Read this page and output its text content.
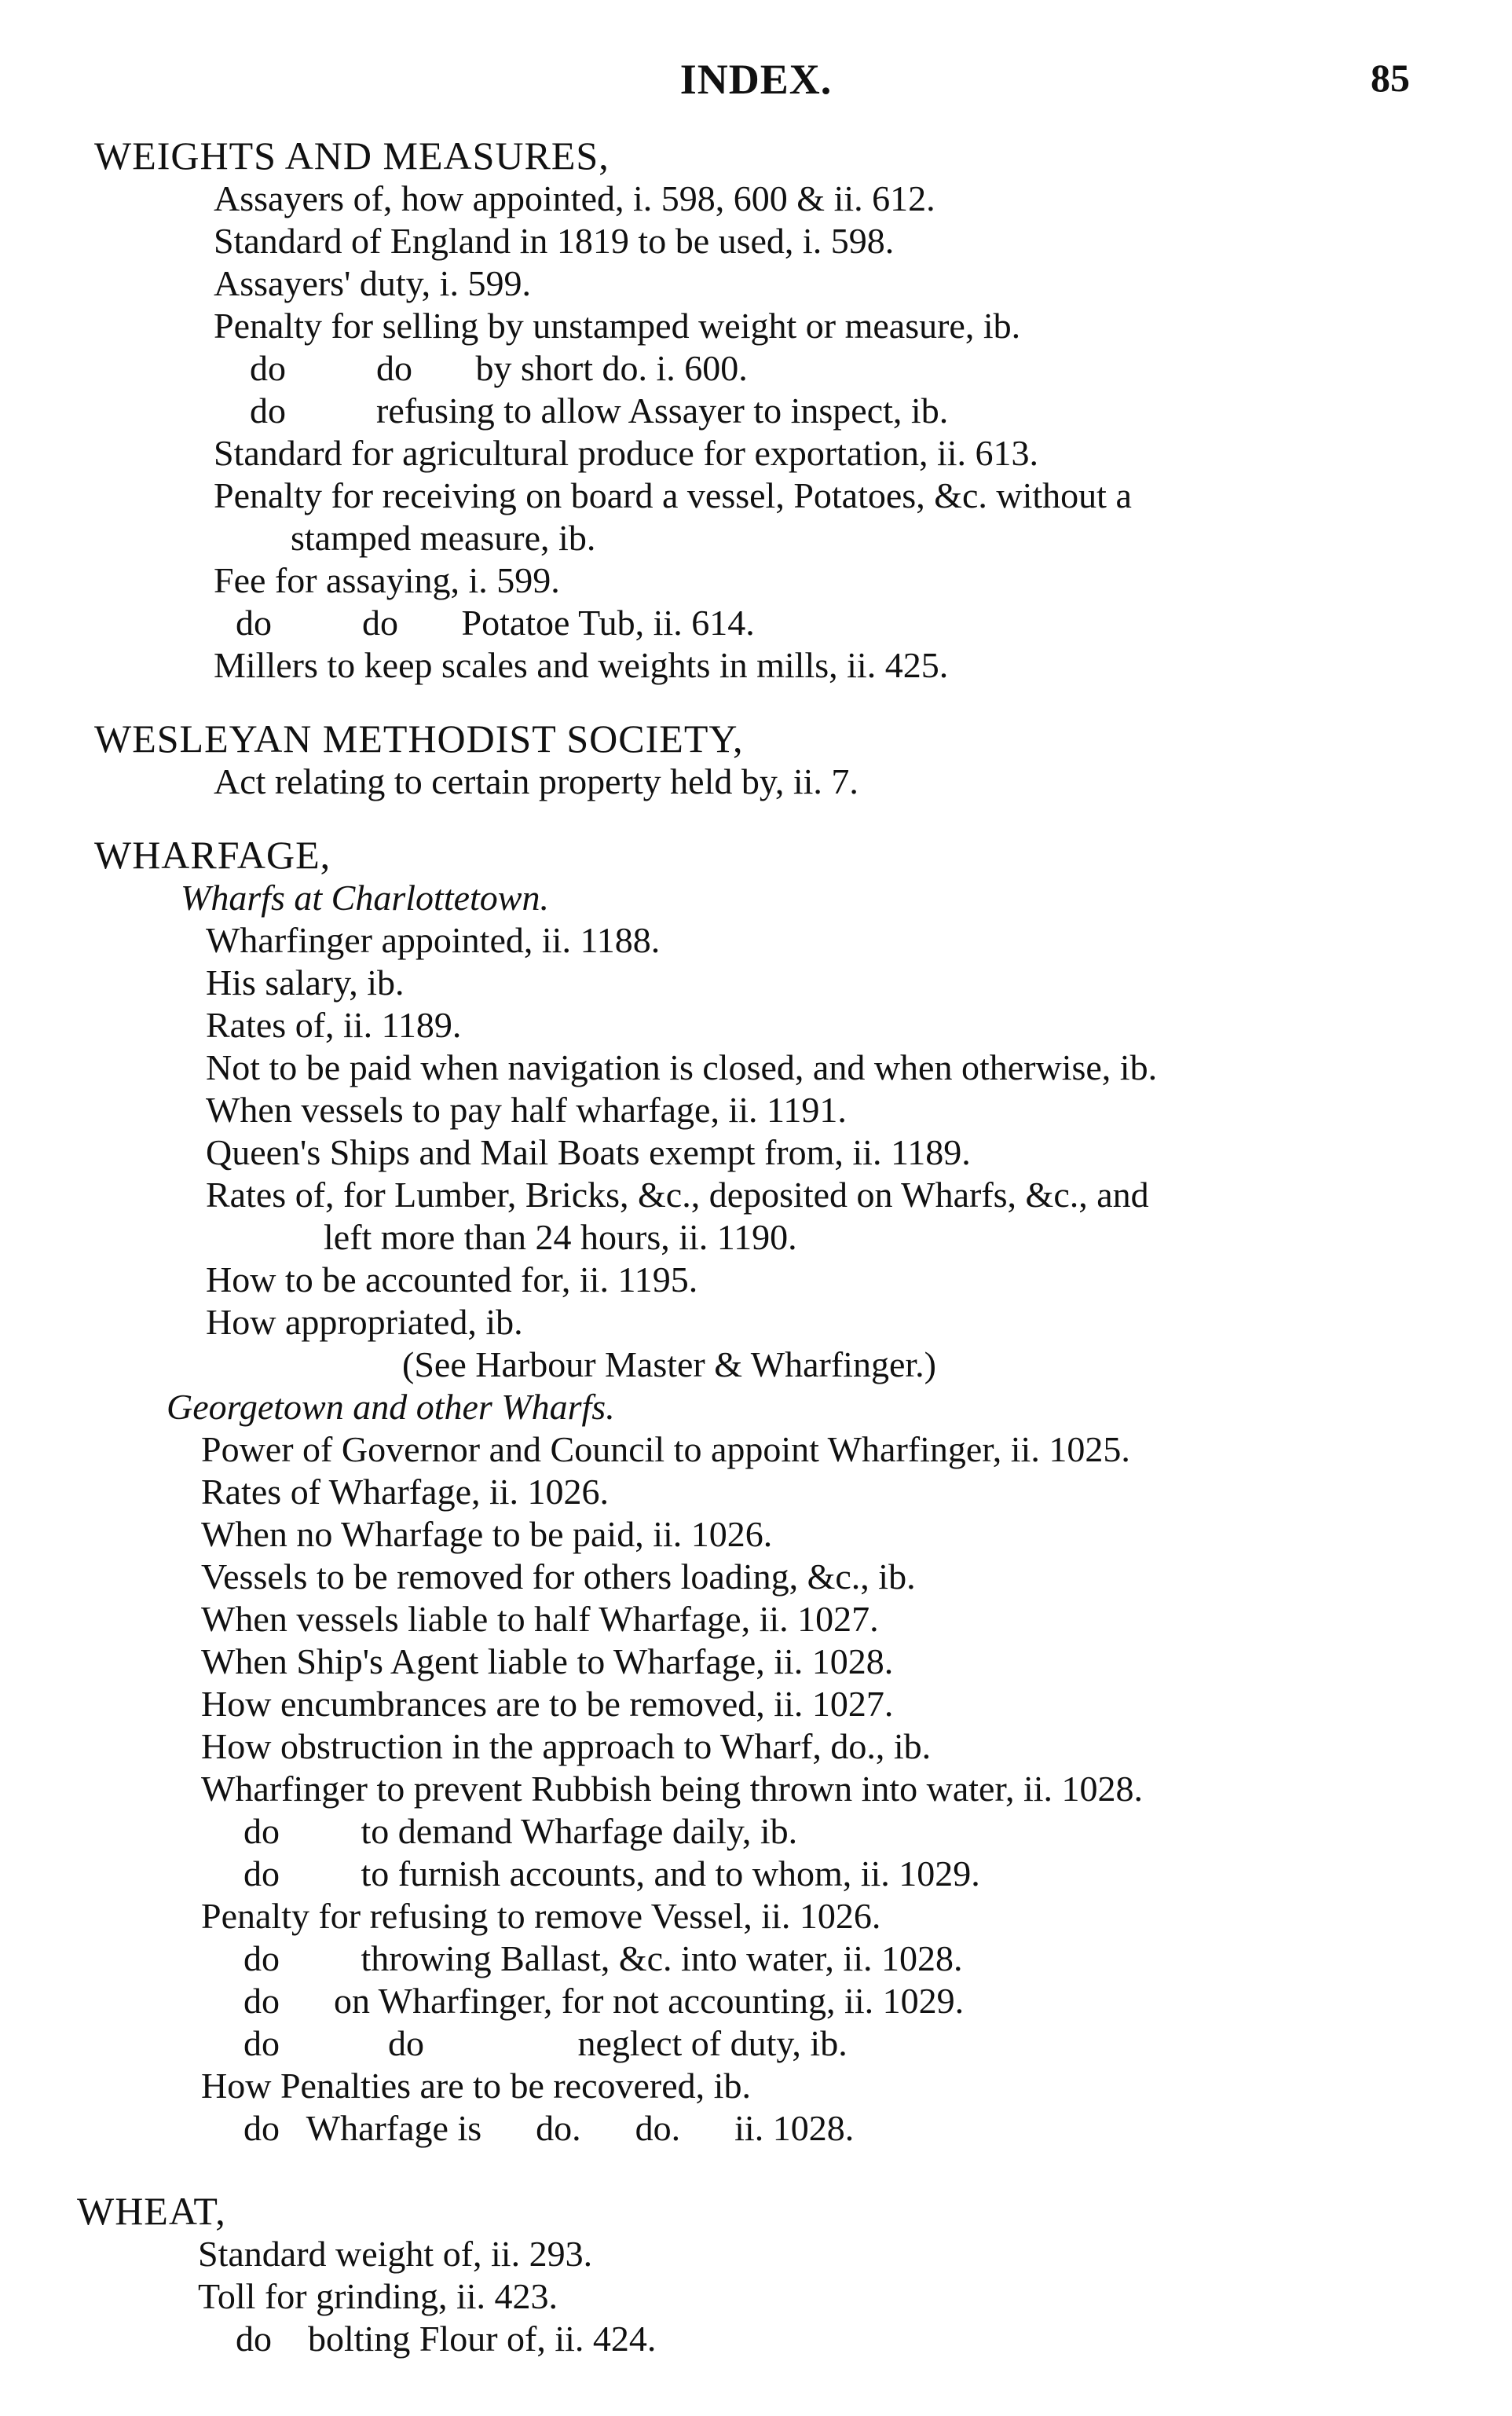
INDEX.	85
WEIGHTS AND MEASURES,
Assayers of, how appointed, i. 598, 600 & ii. 612.
Standard of England in 1819 to be used, i. 598.
Assayers' duty, i. 599.
Penalty for selling by unstamped weight or measure, ib.
do          do       by short do. i. 600.
do          refusing to allow Assayer to inspect, ib.
Standard for agricultural produce for exportation, ii. 613.
Penalty for receiving on board a vessel, Potatoes, &c. without a
stamped measure, ib.
Fee for assaying, i. 599.
do          do       Potatoe Tub, ii. 614.
Millers to keep scales and weights in mills, ii. 425.
WESLEYAN METHODIST SOCIETY,
Act relating to certain property held by, ii. 7.
WHARFAGE,
Wharfs at Charlottetown.
Wharfinger appointed, ii. 1188.
His salary, ib.
Rates of, ii. 1189.
Not to be paid when navigation is closed, and when otherwise, ib.
When vessels to pay half wharfage, ii. 1191.
Queen's Ships and Mail Boats exempt from, ii. 1189.
Rates of, for Lumber, Bricks, &c., deposited on Wharfs, &c., and
left more than 24 hours, ii. 1190.
How to be accounted for, ii. 1195.
How appropriated, ib.
(See Harbour Master & Wharfinger.)
Georgetown and other Wharfs.
Power of Governor and Council to appoint Wharfinger, ii. 1025.
Rates of Wharfage, ii. 1026.
When no Wharfage to be paid, ii. 1026.
Vessels to be removed for others loading, &c., ib.
When vessels liable to half Wharfage, ii. 1027.
When Ship's Agent liable to Wharfage, ii. 1028.
How encumbrances are to be removed, ii. 1027.
How obstruction in the approach to Wharf, do., ib.
Wharfinger to prevent Rubbish being thrown into water, ii. 1028.
do         to demand Wharfage daily, ib.
do         to furnish accounts, and to whom, ii. 1029.
Penalty for refusing to remove Vessel, ii. 1026.
do         throwing Ballast, &c. into water, ii. 1028.
do      on Wharfinger, for not accounting, ii. 1029.
do            do                 neglect of duty, ib.
How Penalties are to be recovered, ib.
do   Wharfage is      do.      do.      ii. 1028.
WHEAT,
Standard weight of, ii. 293.
Toll for grinding, ii. 423.
do    bolting Flour of, ii. 424.
